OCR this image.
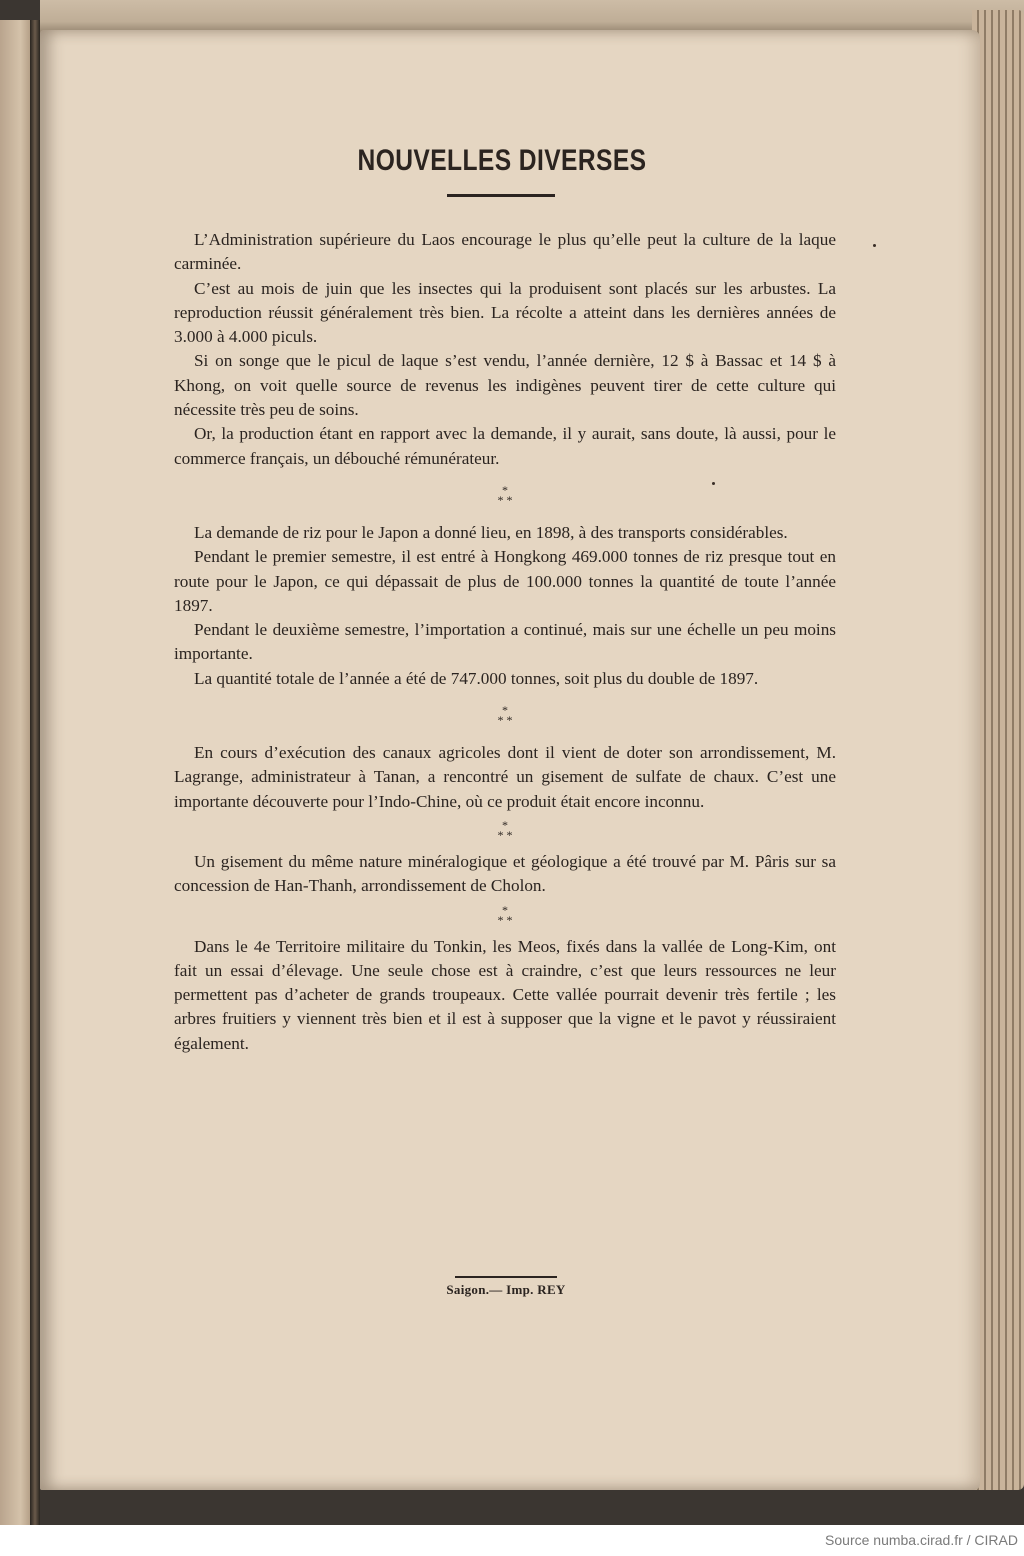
NOUVELLES DIVERSES

L’Administration supérieure du Laos encourage le plus qu’elle peut la culture de la laque carminée.

C’est au mois de juin que les insectes qui la produisent sont placés sur les arbustes. La reproduction réussit généralement très bien. La récolte a atteint dans les dernières années de 3.000 à 4.000 piculs.

Si on songe que le picul de laque s’est vendu, l’année dernière, 12 $ à Bassac et 14 $ à Khong, on voit quelle source de revenus les indigènes peuvent tirer de cette culture qui nécessite très peu de soins.

Or, la production étant en rapport avec la demande, il y aurait, sans doute, là aussi, pour le commerce français, un débouché rémunérateur.

*
* *

La demande de riz pour le Japon a donné lieu, en 1898, à des transports considérables.

Pendant le premier semestre, il est entré à Hongkong 469.000 tonnes de riz presque tout en route pour le Japon, ce qui dépassait de plus de 100.000 tonnes la quantité de toute l’année 1897.

Pendant le deuxième semestre, l’importation a continué, mais sur une échelle un peu moins importante.

La quantité totale de l’année a été de 747.000 tonnes, soit plus du double de 1897.

*
* *

En cours d’exécution des canaux agricoles dont il vient de doter son arrondissement, M. Lagrange, administrateur à Tanan, a rencontré un gisement de sulfate de chaux. C’est une importante découverte pour l’Indo-Chine, où ce produit était encore inconnu.

*
* *

Un gisement du même nature minéralogique et géologique a été trouvé par M. Pâris sur sa concession de Han-Thanh, arrondissement de Cholon.

*
* *

Dans le 4e Territoire militaire du Tonkin, les Meos, fixés dans la vallée de Long-Kim, ont fait un essai d’élevage. Une seule chose est à craindre, c’est que leurs ressources ne leur permettent pas d’acheter de grands troupeaux. Cette vallée pourrait devenir très fertile ; les arbres fruitiers y viennent très bien et il est à supposer que la vigne et le pavot y réussiraient également.

Saigon.— Imp. REY
Source numba.cirad.fr / CIRAD
